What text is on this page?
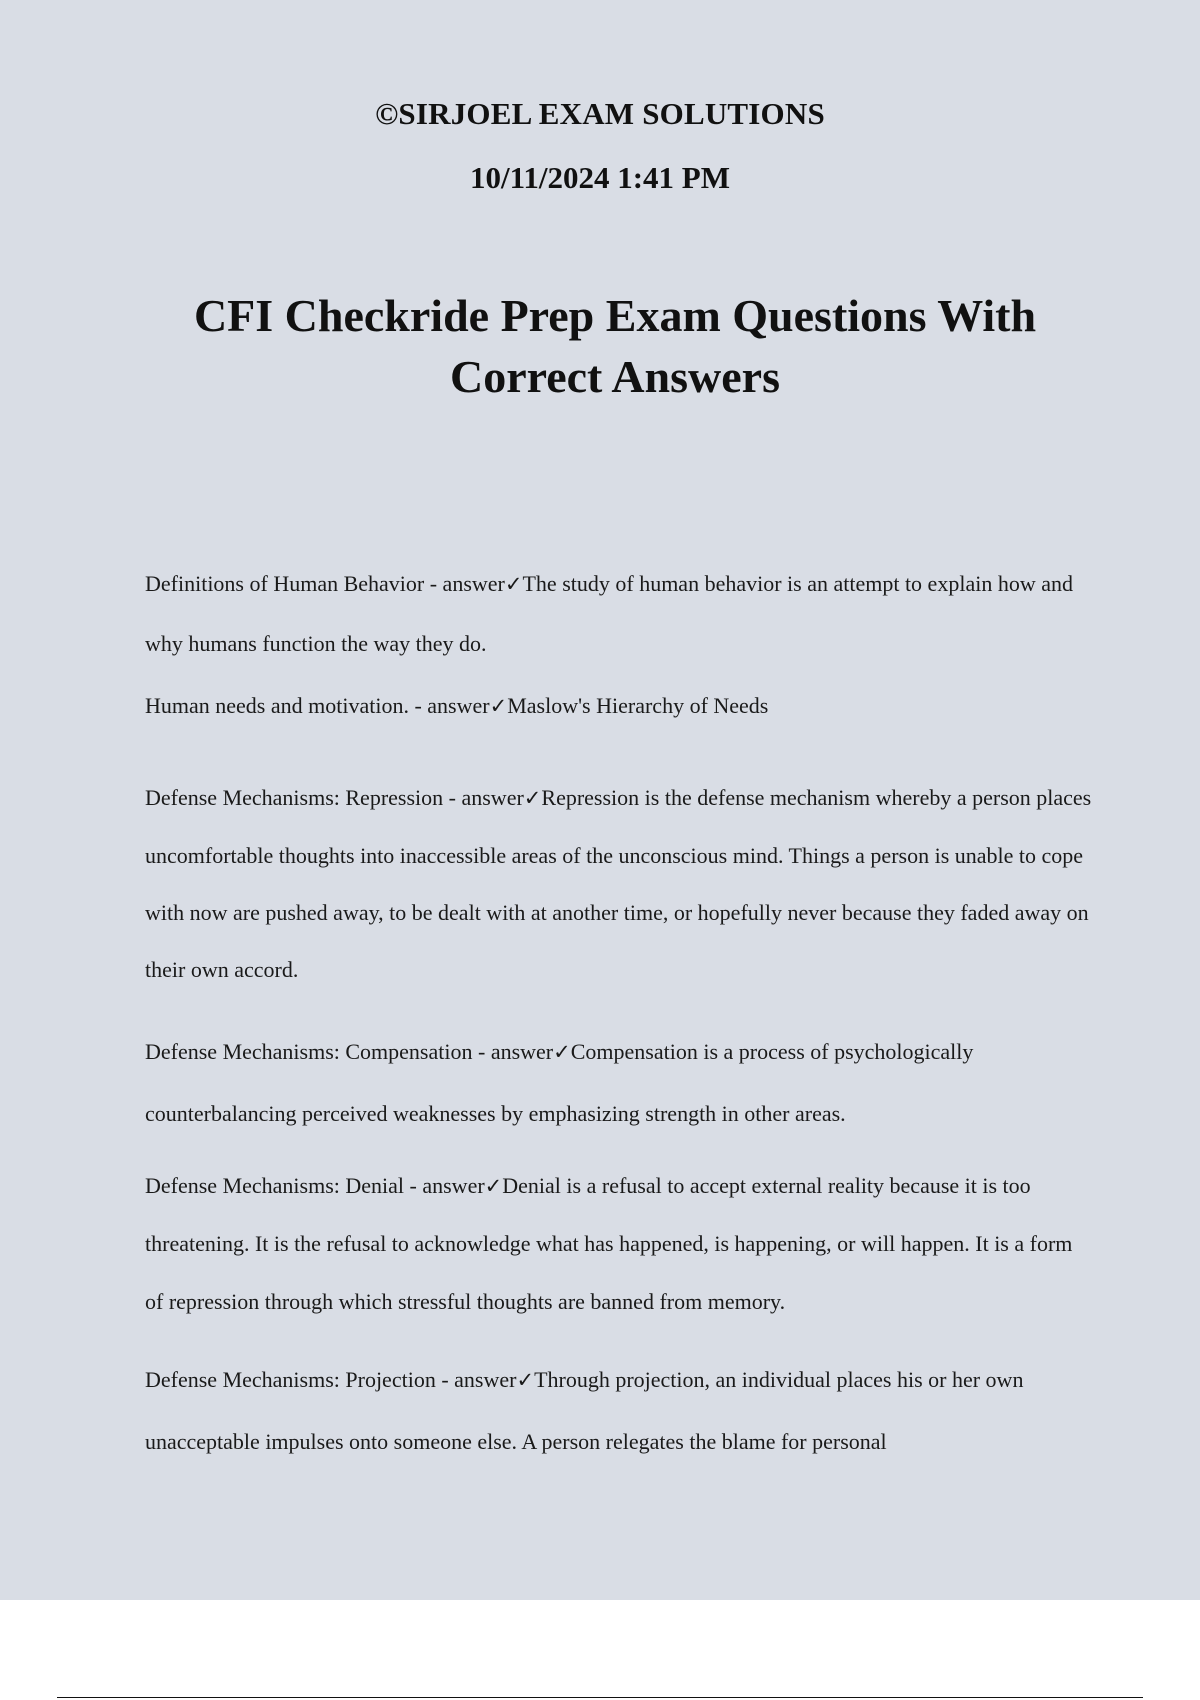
©SIRJOEL EXAM SOLUTIONS
10/11/2024 1:41 PM
CFI Checkride Prep Exam Questions With Correct Answers

Definitions of Human Behavior - answer✓The study of human behavior is an attempt to explain how and why humans function the way they do.

Human needs and motivation. - answer✓Maslow's Hierarchy of Needs

Defense Mechanisms: Repression - answer✓Repression is the defense mechanism whereby a person places uncomfortable thoughts into inaccessible areas of the unconscious mind. Things a person is unable to cope with now are pushed away, to be dealt with at another time, or hopefully never because they faded away on their own accord.

Defense Mechanisms: Compensation - answer✓Compensation is a process of psychologically counterbalancing perceived weaknesses by emphasizing strength in other areas.

Defense Mechanisms: Denial - answer✓Denial is a refusal to accept external reality because it is too threatening. It is the refusal to acknowledge what has happened, is happening, or will happen. It is a form of repression through which stressful thoughts are banned from memory.

Defense Mechanisms: Projection - answer✓Through projection, an individual places his or her own unacceptable impulses onto someone else. A person relegates the blame for personal
